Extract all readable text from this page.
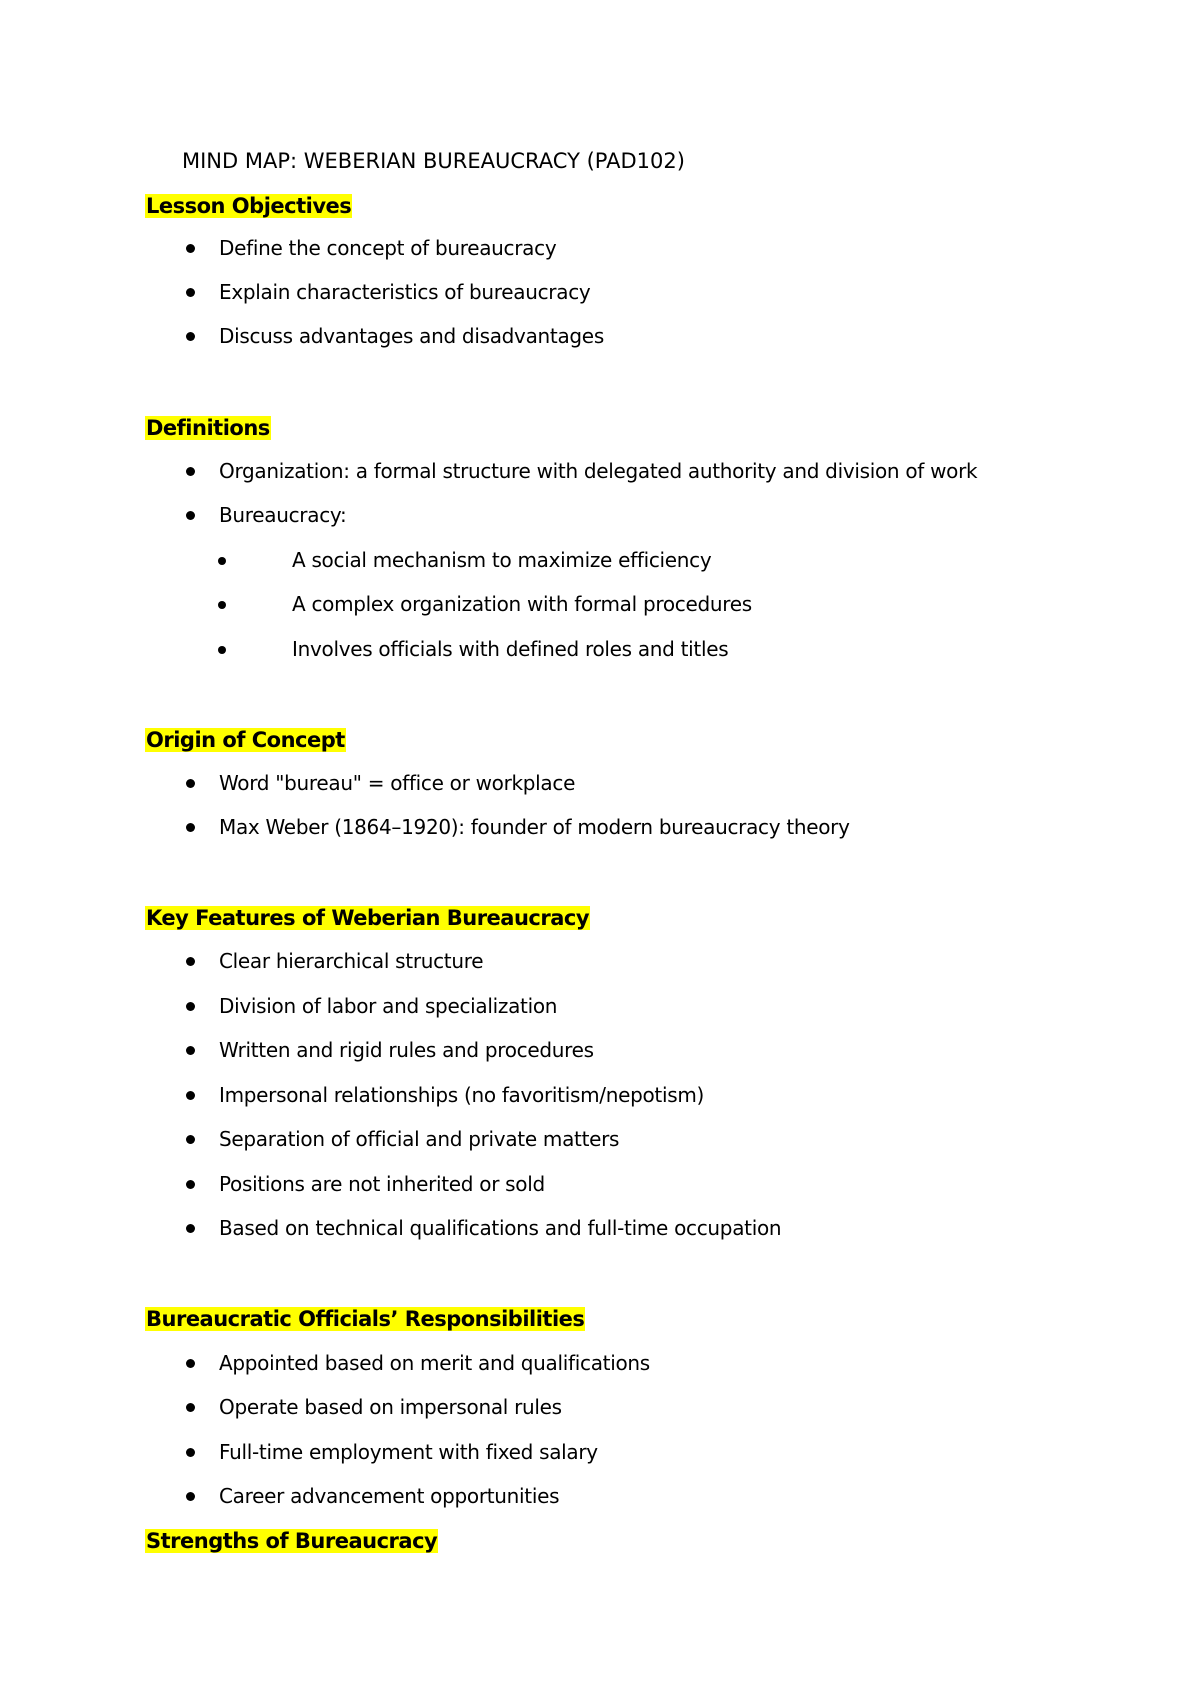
MIND MAP: WEBERIAN BUREAUCRACY (PAD102)
Lesson Objectives
Define the concept of bureaucracy
Explain characteristics of bureaucracy
Discuss advantages and disadvantages
Definitions
Organization: a formal structure with delegated authority and division of work
Bureaucracy:
A social mechanism to maximize efficiency
A complex organization with formal procedures
Involves officials with defined roles and titles
Origin of Concept
Word "bureau" = office or workplace
Max Weber (1864–1920): founder of modern bureaucracy theory
Key Features of Weberian Bureaucracy
Clear hierarchical structure
Division of labor and specialization
Written and rigid rules and procedures
Impersonal relationships (no favoritism/nepotism)
Separation of official and private matters
Positions are not inherited or sold
Based on technical qualifications and full-time occupation
Bureaucratic Officials’ Responsibilities
Appointed based on merit and qualifications
Operate based on impersonal rules
Full-time employment with fixed salary
Career advancement opportunities
Strengths of Bureaucracy
